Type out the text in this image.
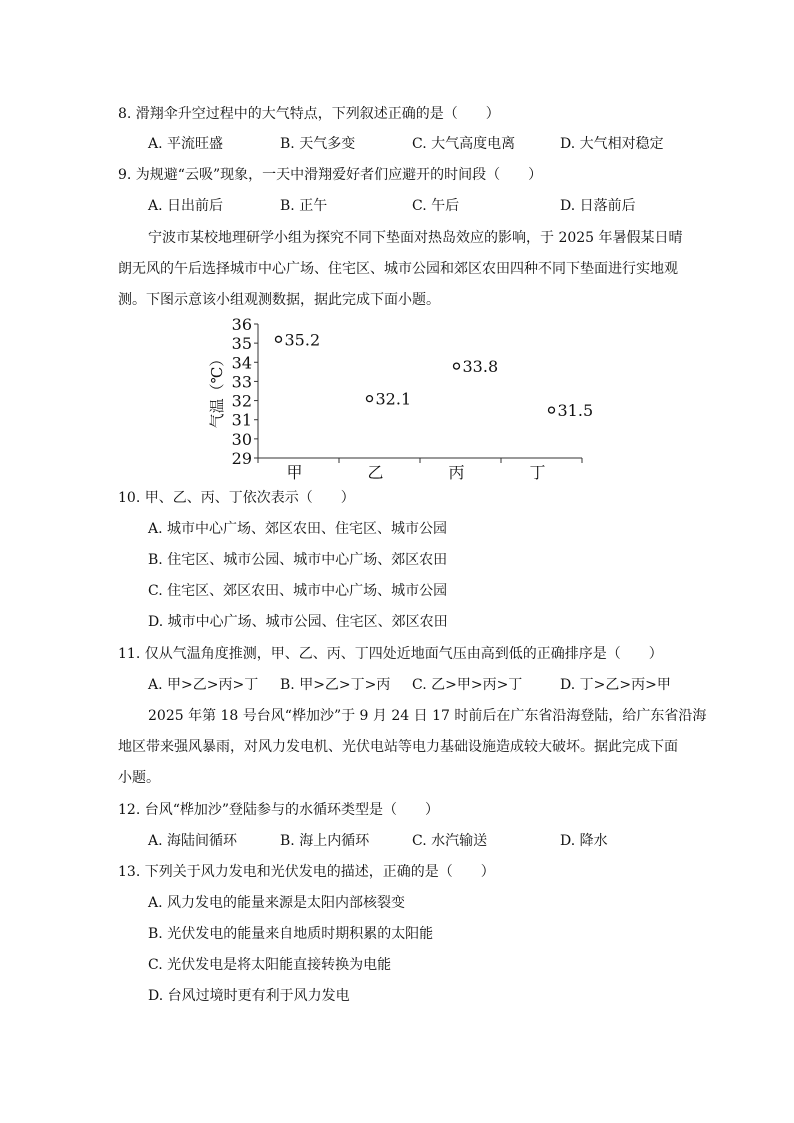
8. 滑翔伞升空过程中的大气特点，下列叙述正确的是（　　）
A. 平流旺盛	B. 天气多变	C. 大气高度电离	D. 大气相对稳定
9. 为规避“云吸”现象，一天中滑翔爱好者们应避开的时间段（　　）
A. 日出前后	B. 正午	C. 午后	D. 日落前后
宁波市某校地理研学小组为探究不同下垫面对热岛效应的影响，于 2025 年暑假某日晴
朗无风的午后选择城市中心广场、住宅区、城市公园和郊区农田四种不同下垫面进行实地观
测。下图示意该小组观测数据，据此完成下面小题。
气温（℃）
29
30
31
32
33
34
35
36
甲	乙	丙	丁
35.2
32.1
33.8
31.5
10. 甲、乙、丙、丁依次表示（　　）
A. 城市中心广场、郊区农田、住宅区、城市公园
B. 住宅区、城市公园、城市中心广场、郊区农田
C. 住宅区、郊区农田、城市中心广场、城市公园
D. 城市中心广场、城市公园、住宅区、郊区农田
11. 仅从气温角度推测，甲、乙、丙、丁四处近地面气压由高到低的正确排序是（　　）
A. 甲>乙>丙>丁 B. 甲>乙>丁>丙 C. 乙>甲>丙>丁	D. 丁>乙>丙>甲
2025 年第 18 号台风“桦加沙”于 9 月 24 日 17 时前后在广东省沿海登陆，给广东省沿海
地区带来强风暴雨，对风力发电机、光伏电站等电力基础设施造成较大破坏。据此完成下面
小题。
12. 台风“桦加沙”登陆参与的水循环类型是（　　）
A. 海陆间循环	B. 海上内循环	C. 水汽输送	D. 降水
13. 下列关于风力发电和光伏发电的描述，正确的是（　　）
A. 风力发电的能量来源是太阳内部核裂变
B. 光伏发电的能量来自地质时期积累的太阳能
C. 光伏发电是将太阳能直接转换为电能
D. 台风过境时更有利于风力发电
